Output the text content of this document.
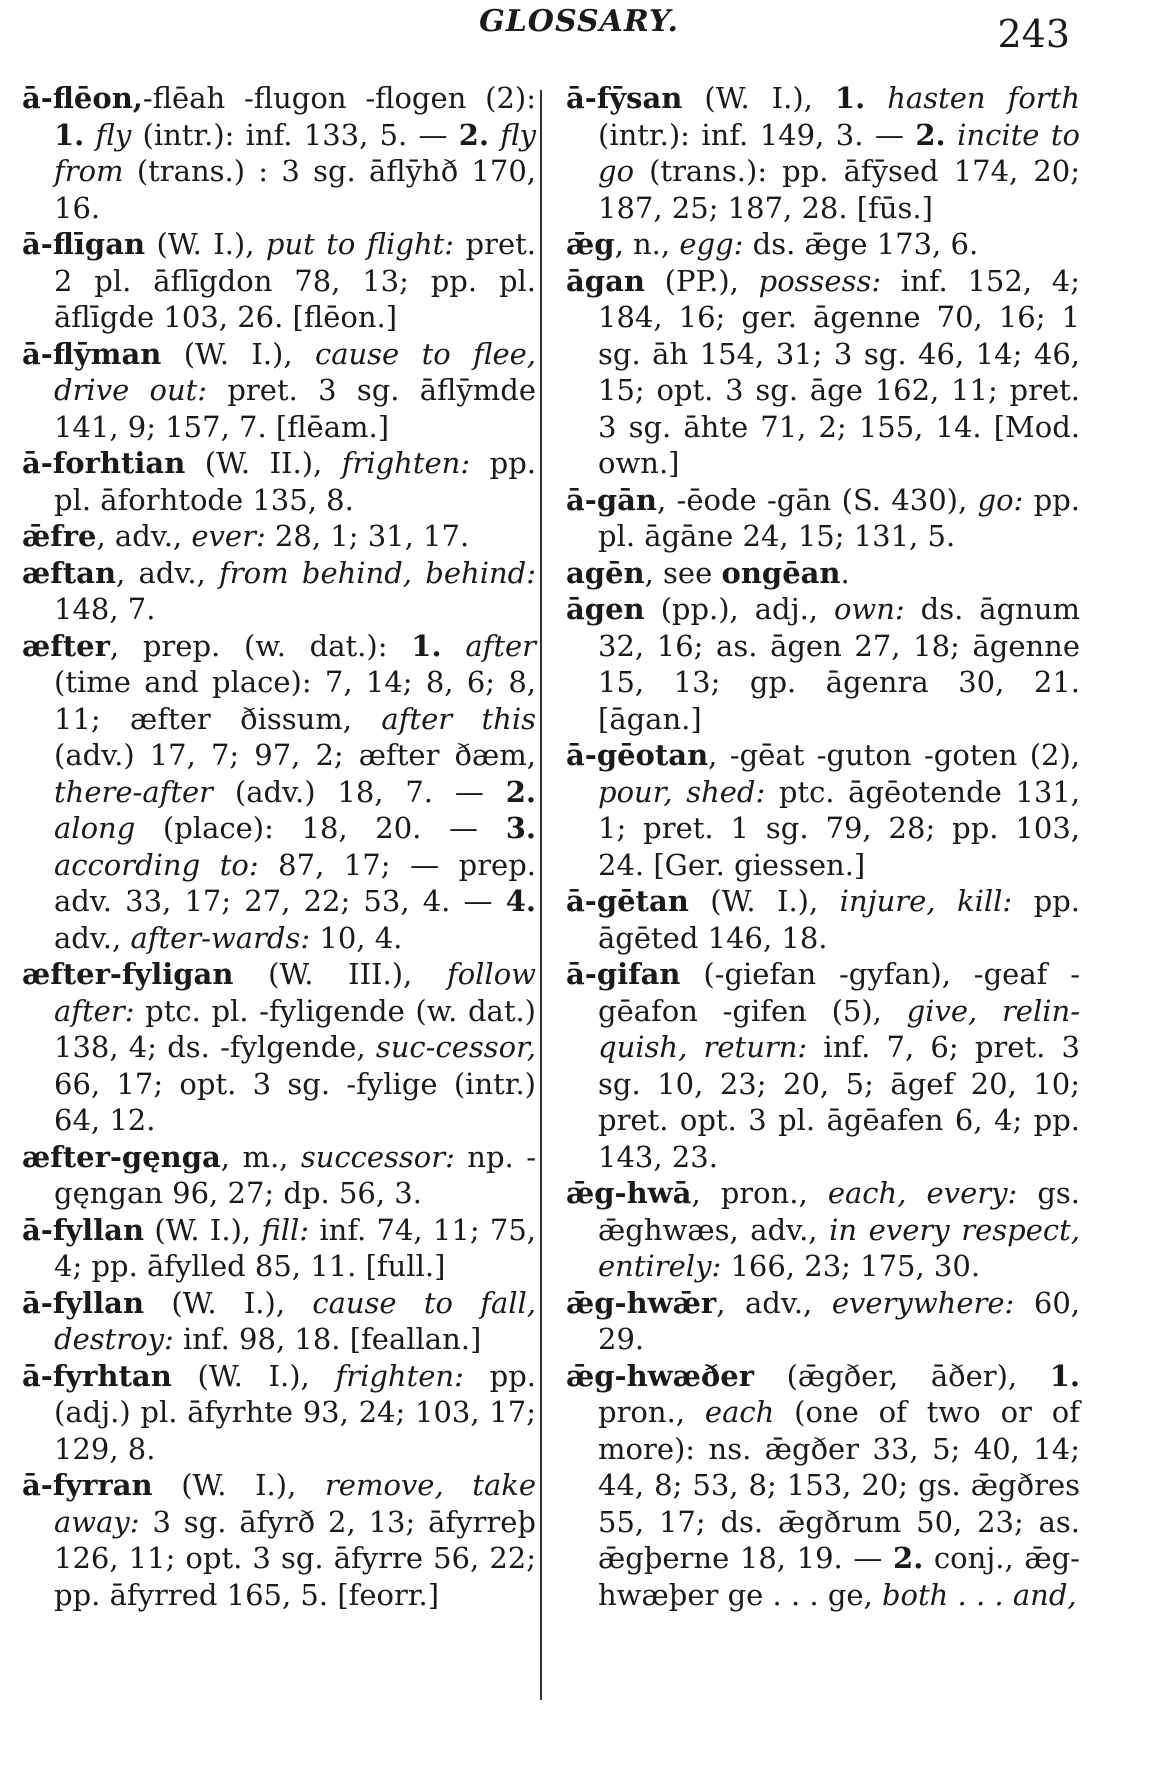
GLOSSARY.	243

ā-flēon,-flēah -flugon -flogen (2): 1. fly (intr.): inf. 133, 5. — 2. fly from (trans.) : 3 sg. āflȳhð 170, 16.

ā-flīgan (W. I.), put to flight: pret. 2 pl. āflīgdon 78, 13; pp. pl. āflīgde 103, 26. [flēon.]

ā-flȳman (W. I.), cause to flee, drive out: pret. 3 sg. āflȳmde 141, 9; 157, 7. [flēam.]

ā-forhtian (W. II.), frighten: pp. pl. āforhtode 135, 8.

ǣfre, adv., ever: 28, 1; 31, 17.

æftan, adv., from behind, behind: 148, 7.

æfter, prep. (w. dat.): 1. after (time and place): 7, 14; 8, 6; 8, 11; æfter ðissum, after this (adv.) 17, 7; 97, 2; æfter ðæm, there-after (adv.) 18, 7. — 2. along (place): 18, 20. — 3. according to: 87, 17; — prep. adv. 33, 17; 27, 22; 53, 4. — 4. adv., after-wards: 10, 4.

æfter-fyligan (W. III.), follow after: ptc. pl. -fyligende (w. dat.) 138, 4; ds. -fylgende, suc-cessor, 66, 17; opt. 3 sg. -fylige (intr.) 64, 12.

æfter-gęnga, m., successor: np. -gęngan 96, 27; dp. 56, 3.

ā-fyllan (W. I.), fill: inf. 74, 11; 75, 4; pp. āfylled 85, 11. [full.]

ā-fyllan (W. I.), cause to fall, destroy: inf. 98, 18. [feallan.]

ā-fyrhtan (W. I.), frighten: pp. (adj.) pl. āfyrhte 93, 24; 103, 17; 129, 8.

ā-fyrran (W. I.), remove, take away: 3 sg. āfyrð 2, 13; āfyrreþ 126, 11; opt. 3 sg. āfyrre 56, 22; pp. āfyrred 165, 5. [feorr.]

ā-fȳsan (W. I.), 1. hasten forth (intr.): inf. 149, 3. — 2. incite to go (trans.): pp. āfȳsed 174, 20; 187, 25; 187, 28. [fūs.]

ǣg, n., egg: ds. ǣge 173, 6.

āgan (PP.), possess: inf. 152, 4; 184, 16; ger. āgenne 70, 16; 1 sg. āh 154, 31; 3 sg. 46, 14; 46, 15; opt. 3 sg. āge 162, 11; pret. 3 sg. āhte 71, 2; 155, 14. [Mod. own.]

ā-gān, -ēode -gān (S. 430), go: pp. pl. āgāne 24, 15; 131, 5.

agēn, see ongēan.

āgen (pp.), adj., own: ds. āgnum 32, 16; as. āgen 27, 18; āgenne 15, 13; gp. āgenra 30, 21. [āgan.]

ā-gēotan, -gēat -guton -goten (2), pour, shed: ptc. āgēotende 131, 1; pret. 1 sg. 79, 28; pp. 103, 24. [Ger. giessen.]

ā-gētan (W. I.), injure, kill: pp. āgēted 146, 18.

ā-gifan (-giefan -gyfan), -geaf -gēafon -gifen (5), give, relin-quish, return: inf. 7, 6; pret. 3 sg. 10, 23; 20, 5; āgef 20, 10; pret. opt. 3 pl. āgēafen 6, 4; pp. 143, 23.

ǣg-hwā, pron., each, every: gs. ǣghwæs, adv., in every respect, entirely: 166, 23; 175, 30.

ǣg-hwǣr, adv., everywhere: 60, 29.

ǣg-hwæðer (ǣgðer, āðer), 1. pron., each (one of two or of more): ns. ǣgðer 33, 5; 40, 14; 44, 8; 53, 8; 153, 20; gs. ǣgðres 55, 17; ds. ǣgðrum 50, 23; as. ǣgþerne 18, 19. — 2. conj., ǣg-hwæþer ge . . . ge, both . . . and,
